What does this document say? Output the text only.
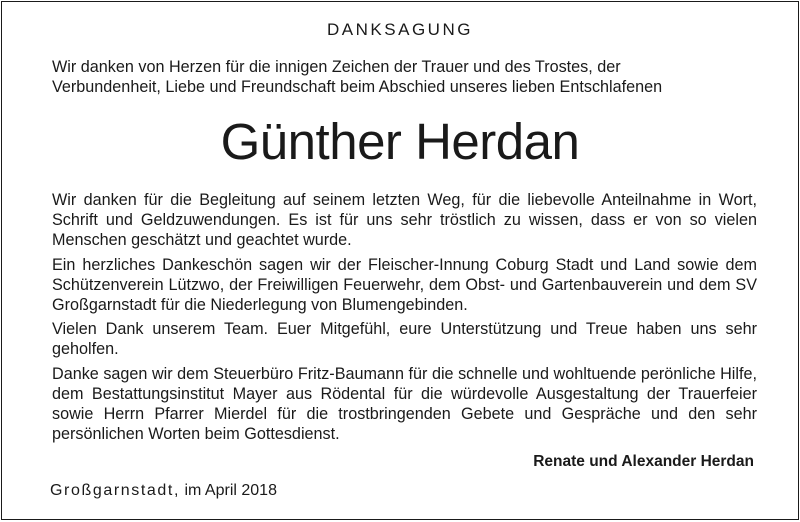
DANKSAGUNG
Wir danken von Herzen für die innigen Zeichen der Trauer und des Trostes, der
Verbundenheit, Liebe und Freundschaft beim Abschied unseres lieben Entschlafenen
Günther Herdan
Wir danken für die Begleitung auf seinem letzten Weg, für die liebevolle Anteilnahme in Wort, Schrift und Geldzuwendungen. Es ist für uns sehr tröstlich zu wissen, dass er von so vielen Menschen geschätzt und geachtet wurde.
Ein herzliches Dankeschön sagen wir der Fleischer-Innung Coburg Stadt und Land sowie dem Schützenverein Lützwo, der Freiwilligen Feuerwehr, dem Obst- und Gartenbauverein und dem SV Großgarnstadt für die Niederlegung von Blumengebinden.
Vielen Dank unserem Team. Euer Mitgefühl, eure Unterstützung und Treue haben uns sehr geholfen.
Danke sagen wir dem Steuerbüro Fritz-Baumann für die schnelle und wohltuende perönliche Hilfe, dem Bestattungsinstitut Mayer aus Rödental für die würdevolle Ausgestaltung der Trauerfeier sowie Herrn Pfarrer Mierdel für die trostbringenden Gebete und Gespräche und den sehr persönlichen Worten beim Gottesdienst.
Renate und Alexander Herdan
Großgarnstadt, im April 2018
